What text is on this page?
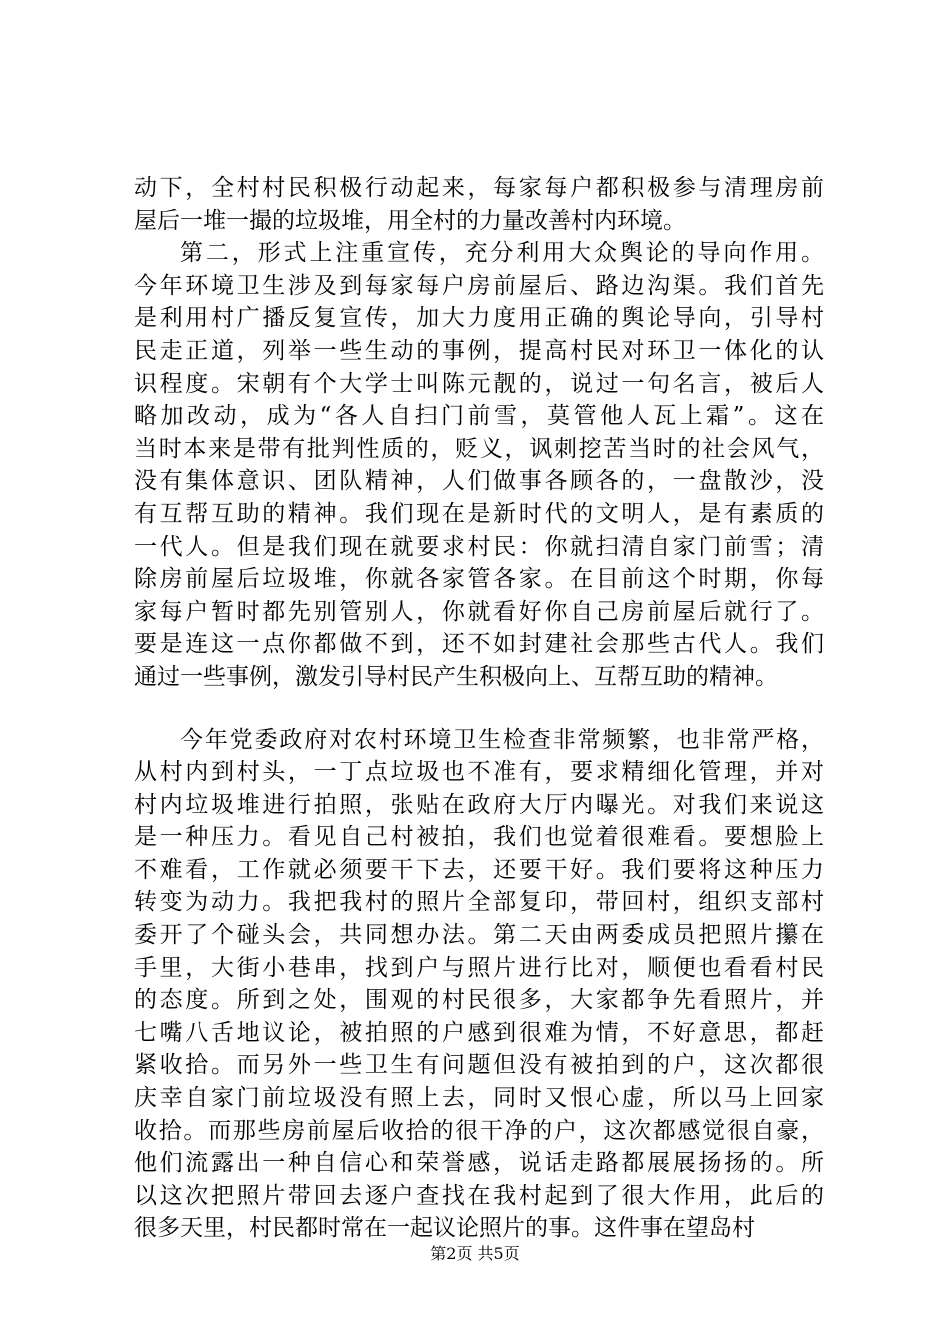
动下，全村村民积极行动起来，每家每户都积极参与清理房前
屋后一堆一撮的垃圾堆，用全村的力量改善村内环境。
第二，形式上注重宣传，充分利用大众舆论的导向作用。
今年环境卫生涉及到每家每户房前屋后、路边沟渠。我们首先
是利用村广播反复宣传，加大力度用正确的舆论导向，引导村
民走正道，列举一些生动的事例，提高村民对环卫一体化的认
识程度。宋朝有个大学士叫陈元靓的，说过一句名言，被后人
略加改动，成为“各人自扫门前雪，莫管他人瓦上霜”。这在
当时本来是带有批判性质的，贬义，讽刺挖苦当时的社会风气，
没有集体意识、团队精神，人们做事各顾各的，一盘散沙，没
有互帮互助的精神。我们现在是新时代的文明人，是有素质的
一代人。但是我们现在就要求村民：你就扫清自家门前雪；清
除房前屋后垃圾堆，你就各家管各家。在目前这个时期，你每
家每户暂时都先别管别人，你就看好你自己房前屋后就行了。
要是连这一点你都做不到，还不如封建社会那些古代人。我们
通过一些事例，激发引导村民产生积极向上、互帮互助的精神。
今年党委政府对农村环境卫生检查非常频繁，也非常严格，
从村内到村头，一丁点垃圾也不准有，要求精细化管理，并对
村内垃圾堆进行拍照，张贴在政府大厅内曝光。对我们来说这
是一种压力。看见自己村被拍，我们也觉着很难看。要想脸上
不难看，工作就必须要干下去，还要干好。我们要将这种压力
转变为动力。我把我村的照片全部复印，带回村，组织支部村
委开了个碰头会，共同想办法。第二天由两委成员把照片攥在
手里，大街小巷串，找到户与照片进行比对，顺便也看看村民
的态度。所到之处，围观的村民很多，大家都争先看照片，并
七嘴八舌地议论，被拍照的户感到很难为情，不好意思，都赶
紧收拾。而另外一些卫生有问题但没有被拍到的户，这次都很
庆幸自家门前垃圾没有照上去，同时又恨心虚，所以马上回家
收拾。而那些房前屋后收拾的很干净的户，这次都感觉很自豪，
他们流露出一种自信心和荣誉感，说话走路都展展扬扬的。所
以这次把照片带回去逐户查找在我村起到了很大作用，此后的
很多天里，村民都时常在一起议论照片的事。这件事在望岛村
第2页 共5页
